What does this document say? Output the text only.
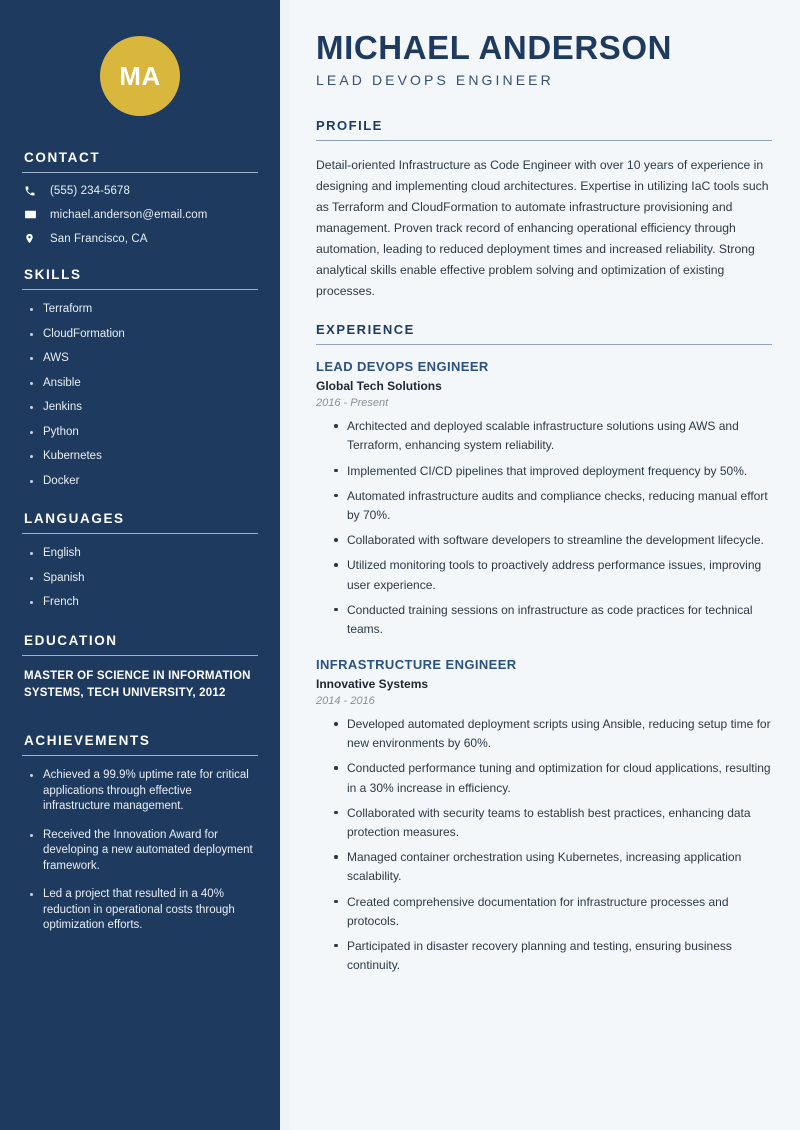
MA
CONTACT
(555) 234-5678
michael.anderson@email.com
San Francisco, CA
SKILLS
Terraform
CloudFormation
AWS
Ansible
Jenkins
Python
Kubernetes
Docker
LANGUAGES
English
Spanish
French
EDUCATION
MASTER OF SCIENCE IN INFORMATION SYSTEMS, TECH UNIVERSITY, 2012
ACHIEVEMENTS
Achieved a 99.9% uptime rate for critical applications through effective infrastructure management.
Received the Innovation Award for developing a new automated deployment framework.
Led a project that resulted in a 40% reduction in operational costs through optimization efforts.
MICHAEL ANDERSON
LEAD DEVOPS ENGINEER
PROFILE

Detail-oriented Infrastructure as Code Engineer with over 10 years of experience in designing and implementing cloud architectures. Expertise in utilizing IaC tools such as Terraform and CloudFormation to automate infrastructure provisioning and management. Proven track record of enhancing operational efficiency through automation, leading to reduced deployment times and increased reliability. Strong analytical skills enable effective problem solving and optimization of existing processes.

EXPERIENCE
LEAD DEVOPS ENGINEER
Global Tech Solutions
2016 - Present
Architected and deployed scalable infrastructure solutions using AWS and Terraform, enhancing system reliability.
Implemented CI/CD pipelines that improved deployment frequency by 50%.
Automated infrastructure audits and compliance checks, reducing manual effort by 70%.
Collaborated with software developers to streamline the development lifecycle.
Utilized monitoring tools to proactively address performance issues, improving user experience.
Conducted training sessions on infrastructure as code practices for technical teams.
INFRASTRUCTURE ENGINEER
Innovative Systems
2014 - 2016
Developed automated deployment scripts using Ansible, reducing setup time for new environments by 60%.
Conducted performance tuning and optimization for cloud applications, resulting in a 30% increase in efficiency.
Collaborated with security teams to establish best practices, enhancing data protection measures.
Managed container orchestration using Kubernetes, increasing application scalability.
Created comprehensive documentation for infrastructure processes and protocols.
Participated in disaster recovery planning and testing, ensuring business continuity.
